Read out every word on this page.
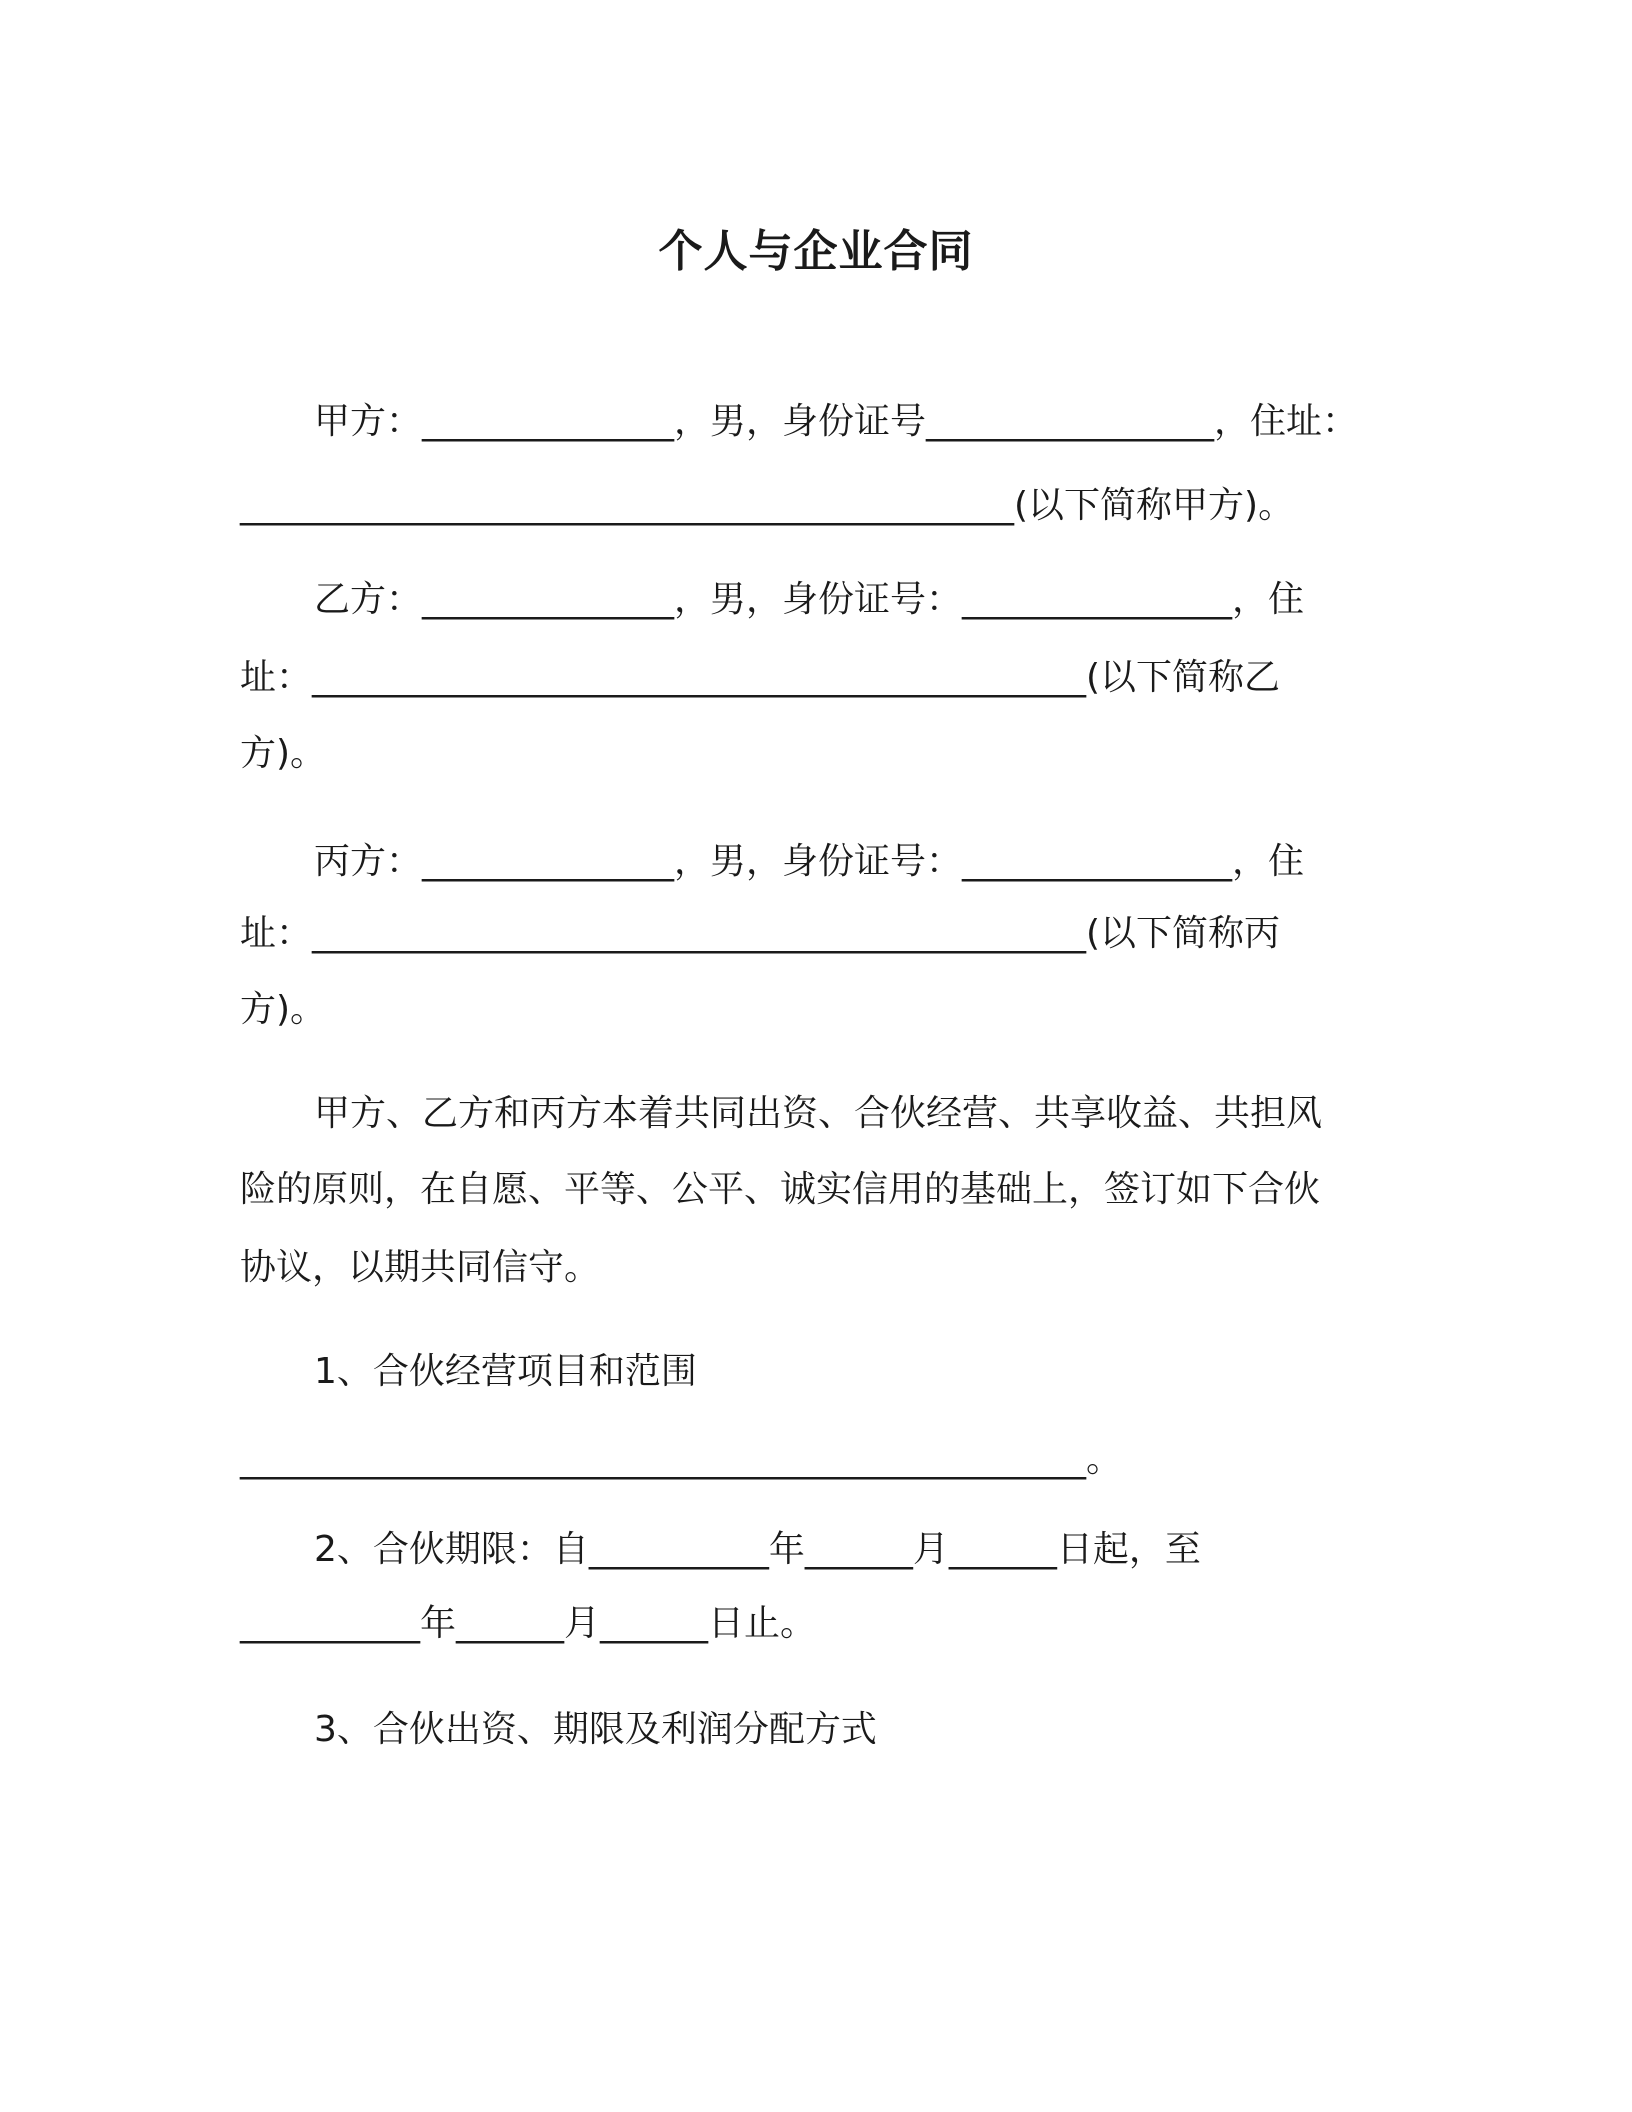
个人与企业合同
甲方：______________，男，身份证号________________，住址：
___________________________________________(以下简称甲方)。
乙方：______________，男，身份证号：_______________，住
址：___________________________________________(以下简称乙
方)。
丙方：______________，男，身份证号：_______________，住
址：___________________________________________(以下简称丙
方)。
甲方、乙方和丙方本着共同出资、合伙经营、共享收益、共担风
险的原则，在自愿、平等、公平、诚实信用的基础上，签订如下合伙
协议，以期共同信守。
1、合伙经营项目和范围
_______________________________________________。
2、合伙期限：自__________年______月______日起，至
__________年______月______日止。
3、合伙出资、期限及利润分配方式
